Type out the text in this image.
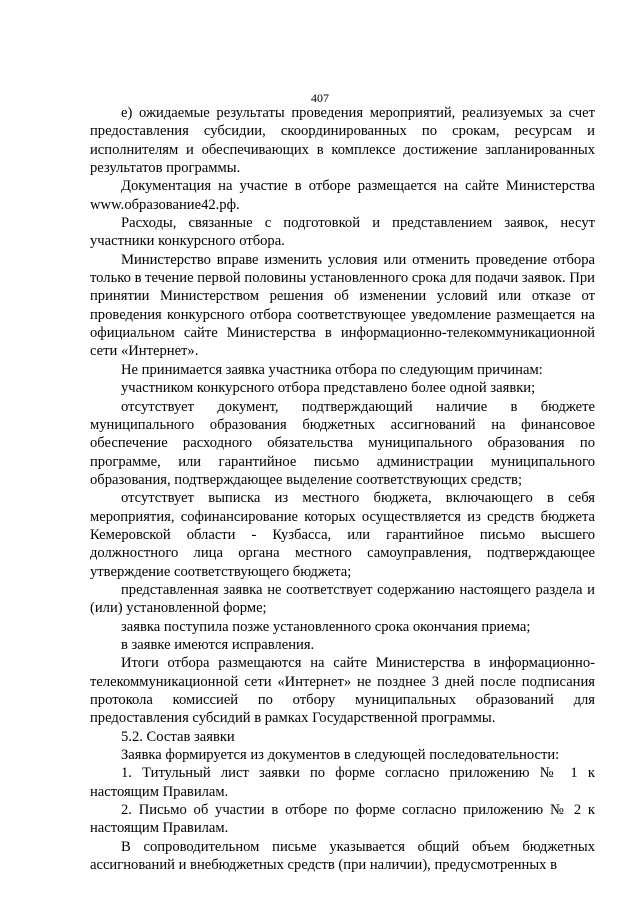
407

е) ожидаемые результаты проведения мероприятий, реализуемых за счет предоставления субсидии, скоординированных по срокам, ресурсам и исполнителям и обеспечивающих в комплексе достижение запланированных результатов программы.

Документация на участие в отборе размещается на сайте Министерства www.образование42.рф.

Расходы, связанные с подготовкой и представлением заявок, несут участники конкурсного отбора.

Министерство вправе изменить условия или отменить проведение отбора только в течение первой половины установленного срока для подачи заявок. При принятии Министерством решения об изменении условий или отказе от проведения конкурсного отбора соответствующее уведомление размещается на официальном сайте Министерства в информационно-телекоммуникационной сети «Интернет».

Не принимается заявка участника отбора по следующим причинам:

участником конкурсного отбора представлено более одной заявки;

отсутствует документ, подтверждающий наличие в бюджете муниципального образования бюджетных ассигнований на финансовое обеспечение расходного обязательства муниципального образования по программе, или гарантийное письмо администрации муниципального образования, подтверждающее выделение соответствующих средств;

отсутствует выписка из местного бюджета, включающего в себя мероприятия, софинансирование которых осуществляется из средств бюджета Кемеровской области - Кузбасса, или гарантийное письмо высшего должностного лица органа местного самоуправления, подтверждающее утверждение соответствующего бюджета;

представленная заявка не соответствует содержанию настоящего раздела и (или) установленной форме;

заявка поступила позже установленного срока окончания приема;

в заявке имеются исправления.

Итоги отбора размещаются на сайте Министерства в информационно-телекоммуникационной сети «Интернет» не позднее 3 дней после подписания протокола комиссией по отбору муниципальных образований для предоставления субсидий в рамках Государственной программы.

5.2. Состав заявки

Заявка формируется из документов в следующей последовательности:

1. Титульный лист заявки по форме согласно приложению № 1 к настоящим Правилам.

2. Письмо об участии в отборе по форме согласно приложению № 2 к настоящим Правилам.

В сопроводительном письме указывается общий объем бюджетных ассигнований и внебюджетных средств (при наличии), предусмотренных в
